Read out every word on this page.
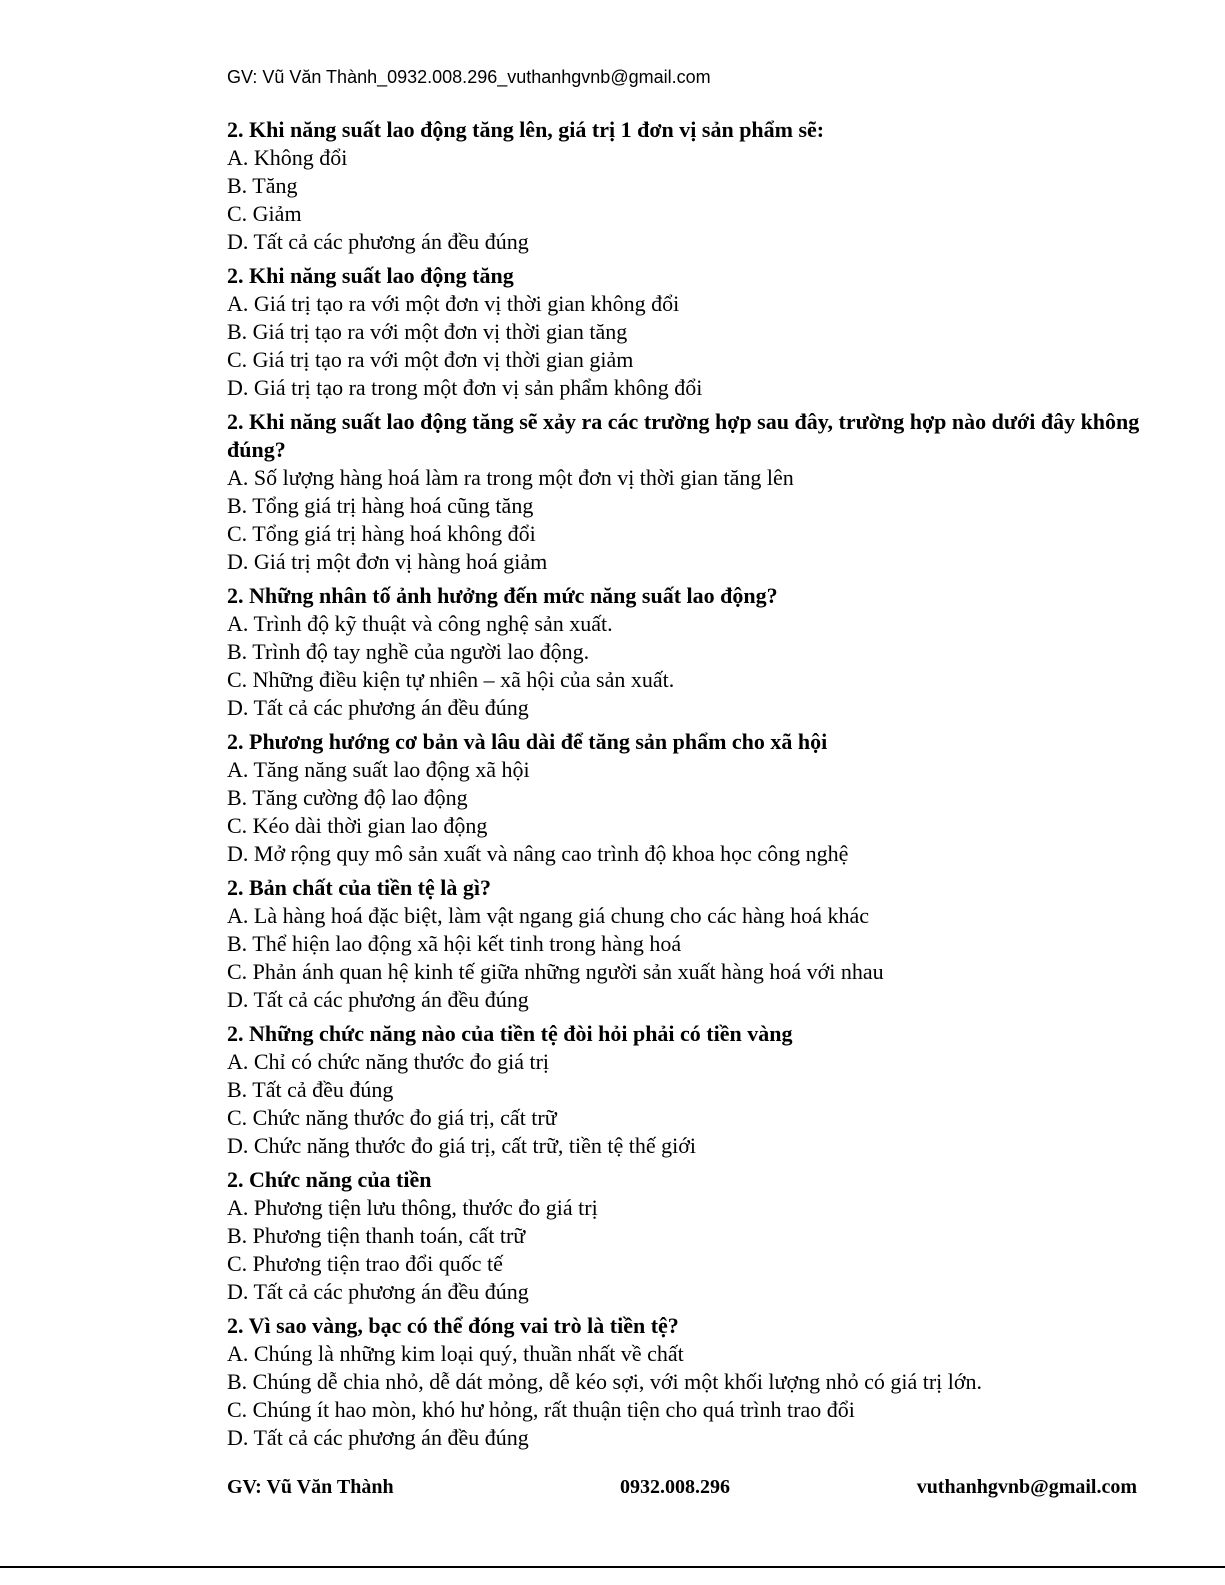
GV: Vũ Văn Thành_0932.008.296_vuthanhgvnb@gmail.com
2. Khi năng suất lao động tăng lên, giá trị 1 đơn vị sản phẩm sẽ:
A. Không đổi
B. Tăng
C. Giảm
D. Tất cả các phương án đều đúng
2. Khi năng suất lao động tăng
A. Giá trị tạo ra với một đơn vị thời gian không đổi
B. Giá trị tạo ra với một đơn vị thời gian tăng
C. Giá trị tạo ra với một đơn vị thời gian giảm
D. Giá trị tạo ra trong một đơn vị sản phẩm không đổi
2. Khi năng suất lao động tăng sẽ xảy ra các trường hợp sau đây, trường hợp nào dưới đây không đúng?
A. Số lượng hàng hoá làm ra trong một đơn vị thời gian tăng lên
B. Tổng giá trị hàng hoá cũng tăng
C. Tổng giá trị hàng hoá không đổi
D. Giá trị một đơn vị hàng hoá giảm
2. Những nhân tố ảnh hưởng đến mức năng suất lao động?
A. Trình độ kỹ thuật và công nghệ sản xuất.
B. Trình độ tay nghề của người lao động.
C. Những điều kiện tự nhiên – xã hội của sản xuất.
D. Tất cả các phương án đều đúng
2. Phương hướng cơ bản và lâu dài để tăng sản phẩm cho xã hội
A. Tăng năng suất lao động xã hội
B. Tăng cường độ lao động
C. Kéo dài thời gian lao động
D. Mở rộng quy mô sản xuất và nâng cao trình độ khoa học công nghệ
2. Bản chất của tiền tệ là gì?
A. Là hàng hoá đặc biệt, làm vật ngang giá chung cho các hàng hoá khác
B. Thể hiện lao động xã hội kết tinh trong hàng hoá
C. Phản ánh quan hệ kinh tế giữa những người sản xuất hàng hoá với nhau
D. Tất cả các phương án đều đúng
2. Những chức năng nào của tiền tệ đòi hỏi phải có tiền vàng
A. Chỉ có chức năng thước đo giá trị
B. Tất cả đều đúng
C. Chức năng thước đo giá trị, cất trữ
D. Chức năng thước đo giá trị, cất trữ, tiền tệ thế giới
2. Chức năng của tiền
A. Phương tiện lưu thông, thước đo giá trị
B. Phương tiện thanh toán, cất trữ
C. Phương tiện trao đổi quốc tế
D. Tất cả các phương án đều đúng
2. Vì sao vàng, bạc có thể đóng vai trò là tiền tệ?
A. Chúng là những kim loại quý, thuần nhất về chất
B. Chúng dễ chia nhỏ, dễ dát mỏng, dễ kéo sợi, với một khối lượng nhỏ có giá trị lớn.
C. Chúng ít hao mòn, khó hư hỏng, rất thuận tiện cho quá trình trao đổi
D. Tất cả các phương án đều đúng
GV: Vũ Văn Thành	0932.008.296	vuthanhgvnb@gmail.com
